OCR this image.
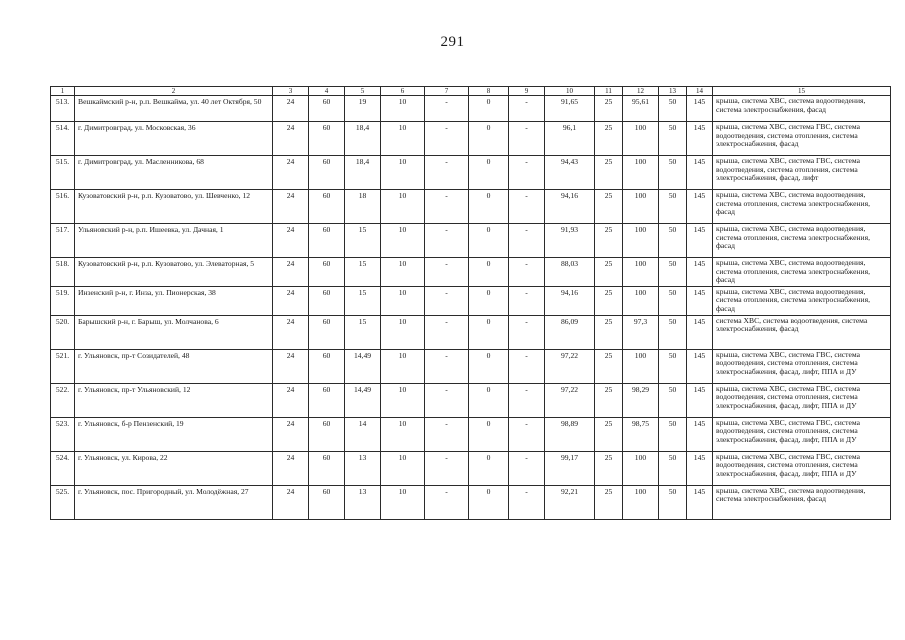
291
1	2	3	4	5	6	7	8	9	10	11	12	13	14	15
513.	Вешкаймский р-н, р.п. Вешкайма, ул. 40 лет Октября, 50	24	60	19	10	-	0	-	91,65	25	95,61	50	145	крыша, система ХВС, система водоотведения, система электроснабжения, фасад
514.	г. Димитровград, ул. Московская, 36	24	60	18,4	10	-	0	-	96,1	25	100	50	145	крыша, система ХВС, система ГВС, система водоотведения, система отопления, система электроснабжения, фасад
515.	г. Димитровград, ул. Масленникова, 68	24	60	18,4	10	-	0	-	94,43	25	100	50	145	крыша, система ХВС, система ГВС, система водоотведения, система отопления, система электроснабжения, фасад, лифт
516.	Кузоватовский р-н, р.п. Кузоватово, ул. Шевченко, 12	24	60	18	10	-	0	-	94,16	25	100	50	145	крыша, система ХВС, система водоотведения, система отопления, система электроснабжения, фасад
517.	Ульяновский р-н, р.п. Ишеевка, ул. Дачная, 1	24	60	15	10	-	0	-	91,93	25	100	50	145	крыша, система ХВС, система водоотведения, система отопления, система электроснабжения, фасад
518.	Кузоватовский р-н, р.п. Кузоватово, ул. Элеваторная, 5	24	60	15	10	-	0	-	88,03	25	100	50	145	крыша, система ХВС, система водоотведения, система отопления, система электроснабжения, фасад
519.	Инзенский р-н, г. Инза, ул. Пионерская, 38	24	60	15	10	-	0	-	94,16	25	100	50	145	крыша, система ХВС, система водоотведения, система отопления, система электроснабжения, фасад
520.	Барышский р-н, г. Барыш, ул. Молчанова, 6	24	60	15	10	-	0	-	86,09	25	97,3	50	145	система ХВС, система водоотведения, система электроснабжения, фасад
521.	г. Ульяновск, пр-т Созидателей, 48	24	60	14,49	10	-	0	-	97,22	25	100	50	145	крыша, система ХВС, система ГВС, система водоотведения, система отопления, система электроснабжения, фасад, лифт, ППА и ДУ
522.	г. Ульяновск, пр-т Ульяновский, 12	24	60	14,49	10	-	0	-	97,22	25	98,29	50	145	крыша, система ХВС, система ГВС, система водоотведения, система отопления, система электроснабжения, фасад, лифт, ППА и ДУ
523.	г. Ульяновск, б-р Пензенский, 19	24	60	14	10	-	0	-	98,89	25	98,75	50	145	крыша, система ХВС, система ГВС, система водоотведения, система отопления, система электроснабжения, фасад, лифт, ППА и ДУ
524.	г. Ульяновск, ул. Кирова, 22	24	60	13	10	-	0	-	99,17	25	100	50	145	крыша, система ХВС, система ГВС, система водоотведения, система отопления, система электроснабжения, фасад, лифт, ППА и ДУ
525.	г. Ульяновск, пос. Пригородный, ул. Молодёжная, 27	24	60	13	10	-	0	-	92,21	25	100	50	145	крыша, система ХВС, система водоотведения, система электроснабжения, фасад
